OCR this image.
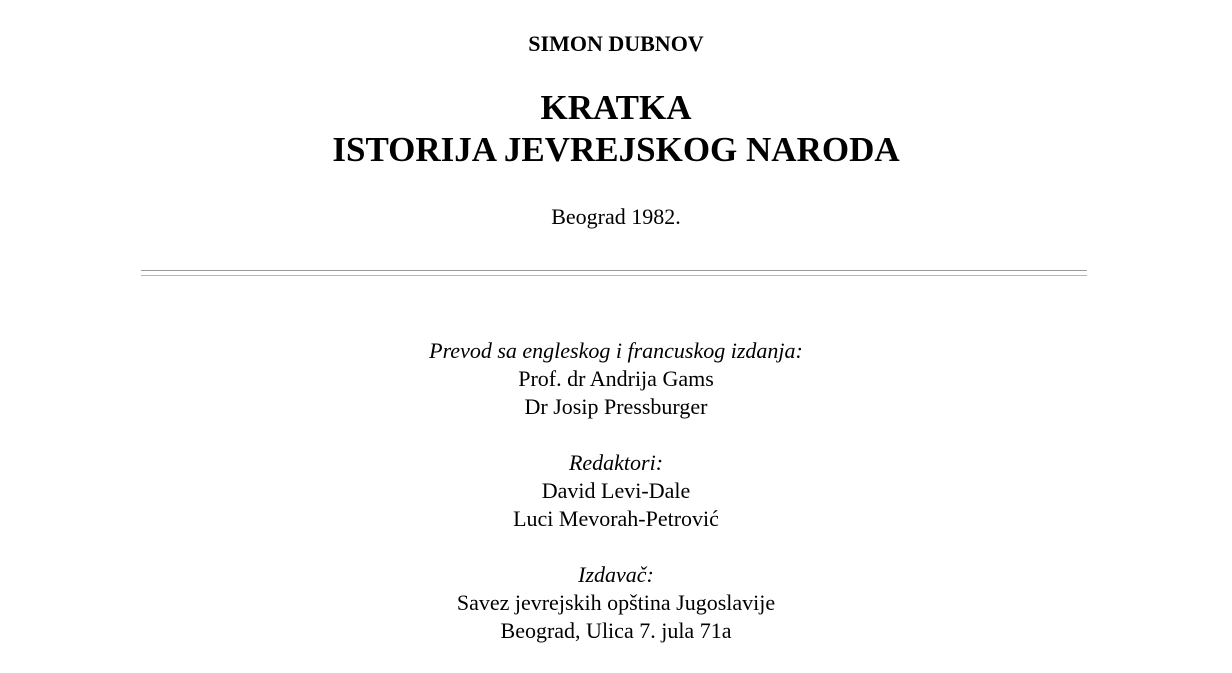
SIMON DUBNOV
KRATKA
ISTORIJA JEVREJSKOG NARODA
Beograd 1982.
Prevod sa engleskog i francuskog izdanja:
Prof. dr Andrija Gams
Dr Josip Pressburger
Redaktori:
David Levi-Dale
Luci Mevorah-Petrović
Izdavač:
Savez jevrejskih opština Jugoslavije
Beograd, Ulica 7. jula 71a
